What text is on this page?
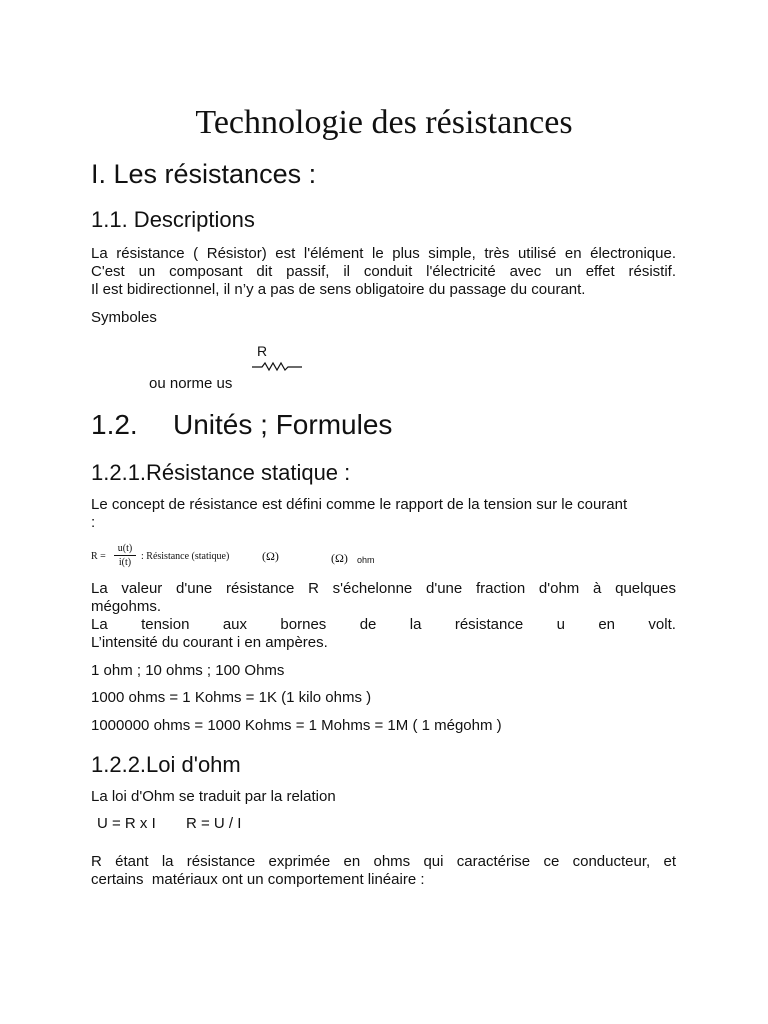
Technologie des résistances
I. Les résistances :
1.1. Descriptions
La résistance ( Résistor) est l'élément le plus simple, très utilisé en électronique.
C'est un composant dit passif, il conduit l'électricité avec un effet résistif.
Il est bidirectionnel, il n’y a pas de sens obligatoire du passage du courant.
Symboles
R
ou norme us
1.2. Unités ; Formules
1.2.1.Résistance statique :
Le concept de résistance est défini comme le rapport de la tension sur le courant
:
$R = \frac{u(t)}{i(t)}$ : Résistance (statique)	(Ω)	(Ω) ohm
La valeur d'une résistance R s'échelonne d'une fraction d'ohm à quelques
mégohms.
La tension aux bornes de la résistance u en volt.
L’intensité du courant i en ampères.
1 ohm ; 10 ohms ; 100 Ohms
1000 ohms = 1 Kohms = 1K (1 kilo ohms )
1000000 ohms = 1000 Kohms = 1 Mohms = 1M ( 1 mégohm )
1.2.2.Loi d'ohm
La loi d'Ohm se traduit par la relation
U = R x I R = U / I
R étant la résistance exprimée en ohms qui caractérise ce conducteur, et
certains  matériaux ont un comportement linéaire :
